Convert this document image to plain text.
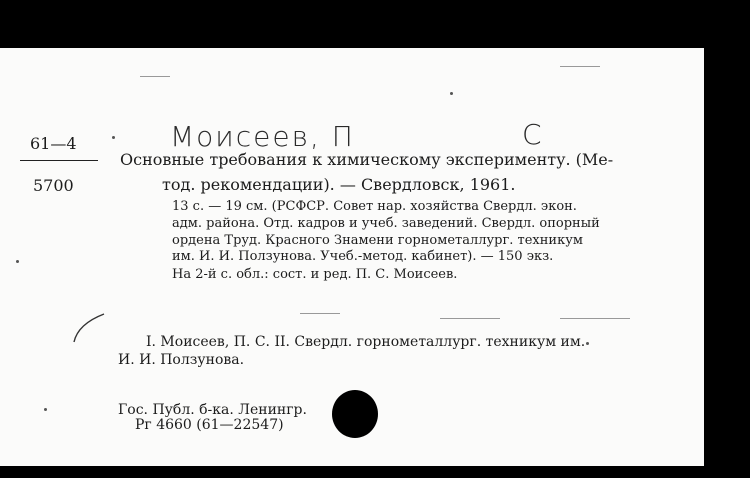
61—4
5700
Моисеев, П	С
Основные требования к химическому эксперименту. (Ме-
тод. рекомендации). — Свердловск, 1961.
13 с. — 19 см. (РСФСР. Совет нар. хозяйства Свердл. экон.
адм. района. Отд. кадров и учеб. заведений. Свердл. опорный
ордена Труд. Красного Знамени горнометаллург. техникум
им. И. И. Ползунова. Учеб.-метод. кабинет). — 150 экз.
На 2-й с. обл.: сост. и ред. П. С. Моисеев.
I. Моисеев, П. С. II. Свердл. горнометаллург. техникум им.
И. И. Ползунова.
Гос. Публ. б-ка. Ленингр.
Рг 4660 (61—22547)
